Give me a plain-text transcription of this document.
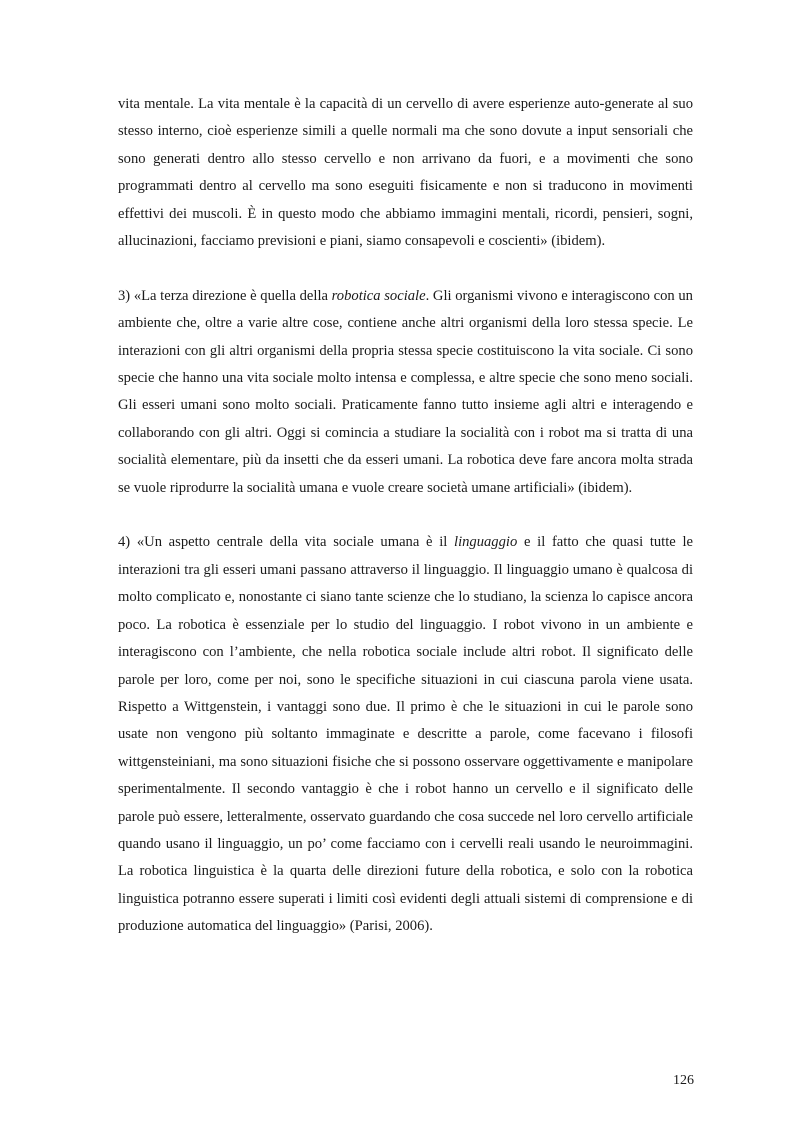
vita mentale. La vita mentale è la capacità di un cervello di avere esperienze auto-generate al suo stesso interno, cioè esperienze simili a quelle normali ma che sono dovute a input sensoriali che sono generati dentro allo stesso cervello e non arrivano da fuori, e a movimenti che sono programmati dentro al cervello ma sono eseguiti fisicamente e non si traducono in movimenti effettivi dei muscoli. È in questo modo che abbiamo immagini mentali, ricordi, pensieri, sogni, allucinazioni, facciamo previsioni e piani, siamo consapevoli e coscienti» (ibidem).

3) «La terza direzione è quella della robotica sociale. Gli organismi vivono e interagiscono con un ambiente che, oltre a varie altre cose, contiene anche altri organismi della loro stessa specie. Le interazioni con gli altri organismi della propria stessa specie costituiscono la vita sociale. Ci sono specie che hanno una vita sociale molto intensa e complessa, e altre specie che sono meno sociali. Gli esseri umani sono molto sociali. Praticamente fanno tutto insieme agli altri e interagendo e collaborando con gli altri. Oggi si comincia a studiare la socialità con i robot ma si tratta di una socialità elementare, più da insetti che da esseri umani. La robotica deve fare ancora molta strada se vuole riprodurre la socialità umana e vuole creare società umane artificiali» (ibidem).

4) «Un aspetto centrale della vita sociale umana è il linguaggio e il fatto che quasi tutte le interazioni tra gli esseri umani passano attraverso il linguaggio. Il linguaggio umano è qualcosa di molto complicato e, nonostante ci siano tante scienze che lo studiano, la scienza lo capisce ancora poco. La robotica è essenziale per lo studio del linguaggio. I robot vivono in un ambiente e interagiscono con l’ambiente, che nella robotica sociale include altri robot. Il significato delle parole per loro, come per noi, sono le specifiche situazioni in cui ciascuna parola viene usata. Rispetto a Wittgenstein, i vantaggi sono due. Il primo è che le situazioni in cui le parole sono usate non vengono più soltanto immaginate e descritte a parole, come facevano i filosofi wittgensteiniani, ma sono situazioni fisiche che si possono osservare oggettivamente e manipolare sperimentalmente. Il secondo vantaggio è che i robot hanno un cervello e il significato delle parole può essere, letteralmente, osservato guardando che cosa succede nel loro cervello artificiale quando usano il linguaggio, un po’ come facciamo con i cervelli reali usando le neuroimmagini. La robotica linguistica è la quarta delle direzioni future della robotica, e solo con la robotica linguistica potranno essere superati i limiti così evidenti degli attuali sistemi di comprensione e di produzione automatica del linguaggio» (Parisi, 2006).

126
